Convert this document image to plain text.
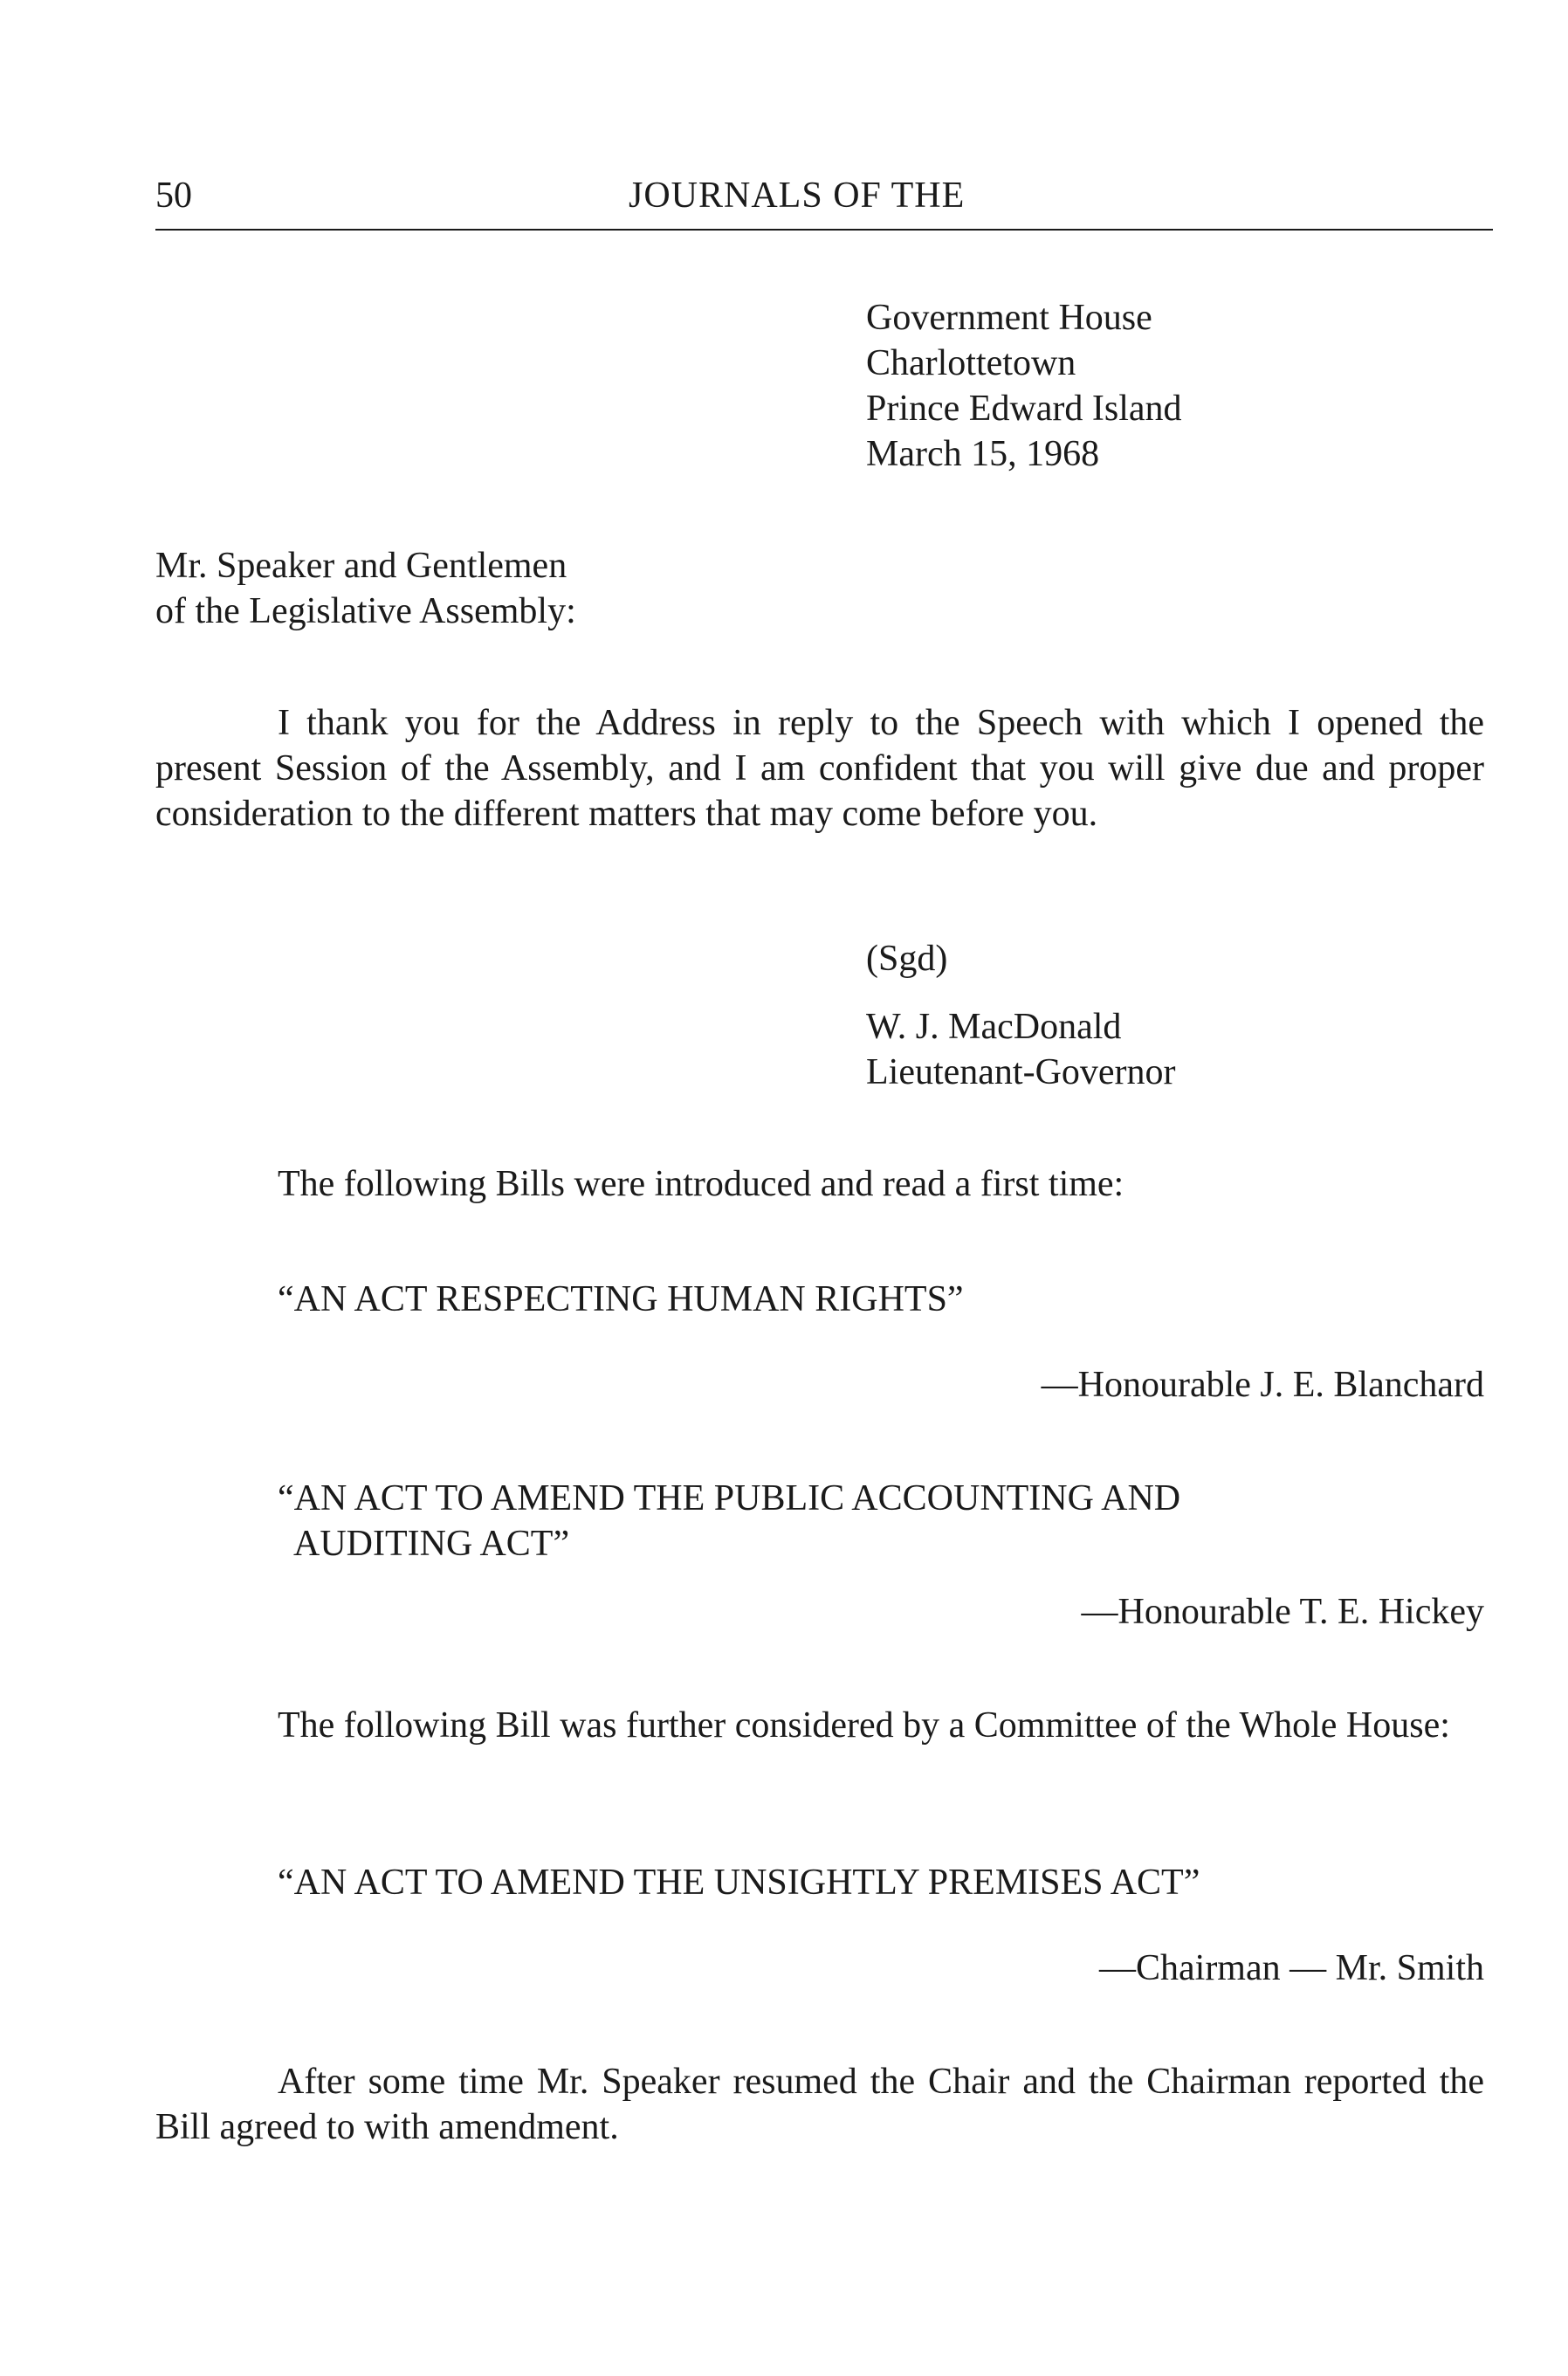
50	JOURNALS OF THE
Government House
Charlottetown
Prince Edward Island
March 15, 1968
Mr. Speaker and Gentlemen
of the Legislative Assembly:
I thank you for the Address in reply to the Speech with which I opened the present Session of the Assembly, and I am confident that you will give due and proper consideration to the different matters that may come before you.
(Sgd)
W. J. MacDonald
Lieutenant-Governor
The following Bills were introduced and read a first time:
“AN ACT RESPECTING HUMAN RIGHTS”
—Honourable J. E. Blanchard
“AN ACT TO AMEND THE PUBLIC ACCOUNTING AND
AUDITING ACT”
—Honourable T. E. Hickey
The following Bill was further considered by a Committee of the Whole House:
“AN ACT TO AMEND THE UNSIGHTLY PREMISES ACT”
—Chairman — Mr. Smith
After some time Mr. Speaker resumed the Chair and the Chairman reported the Bill agreed to with amendment.
